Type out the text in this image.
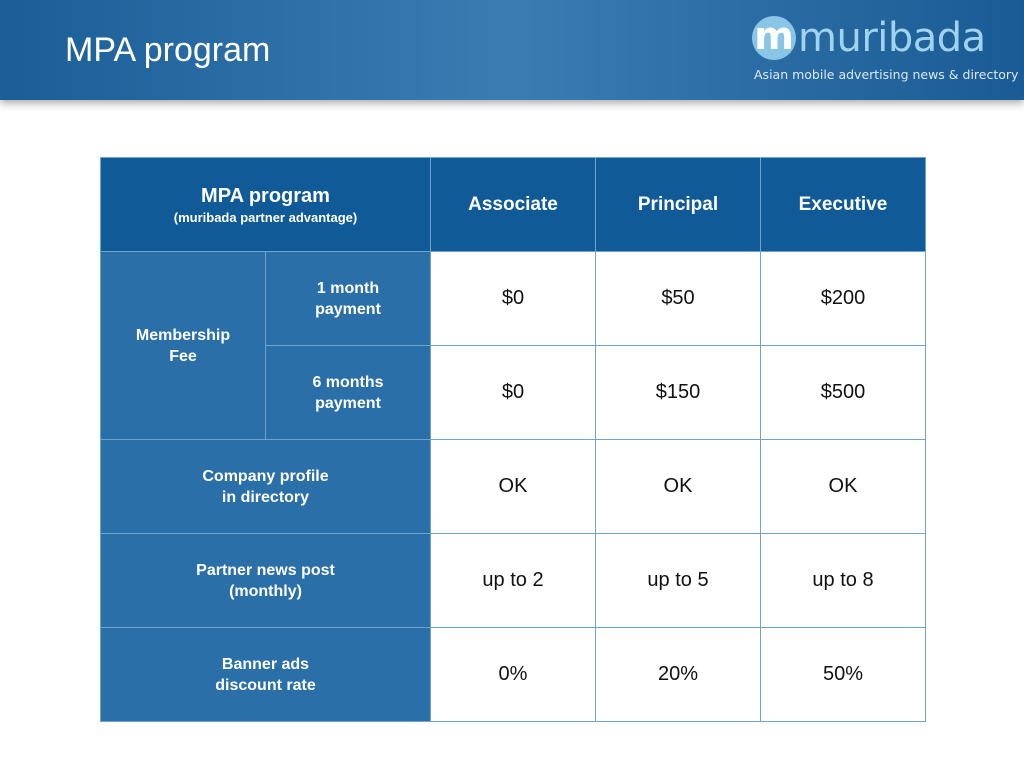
MPA program	m muribada
Asian mobile advertising news & directory
MPA program
(muribada partner advantage)		Associate	Principal	Executive

Membership
Fee	1 month
payment	$0	$50	$200

	6 months
payment	$0	$150	$500

Company profile
in directory		OK	OK	OK

Partner news post
(monthly)		up to 2	up to 5	up to 8

Banner ads
discount rate		0%	20%	50%
